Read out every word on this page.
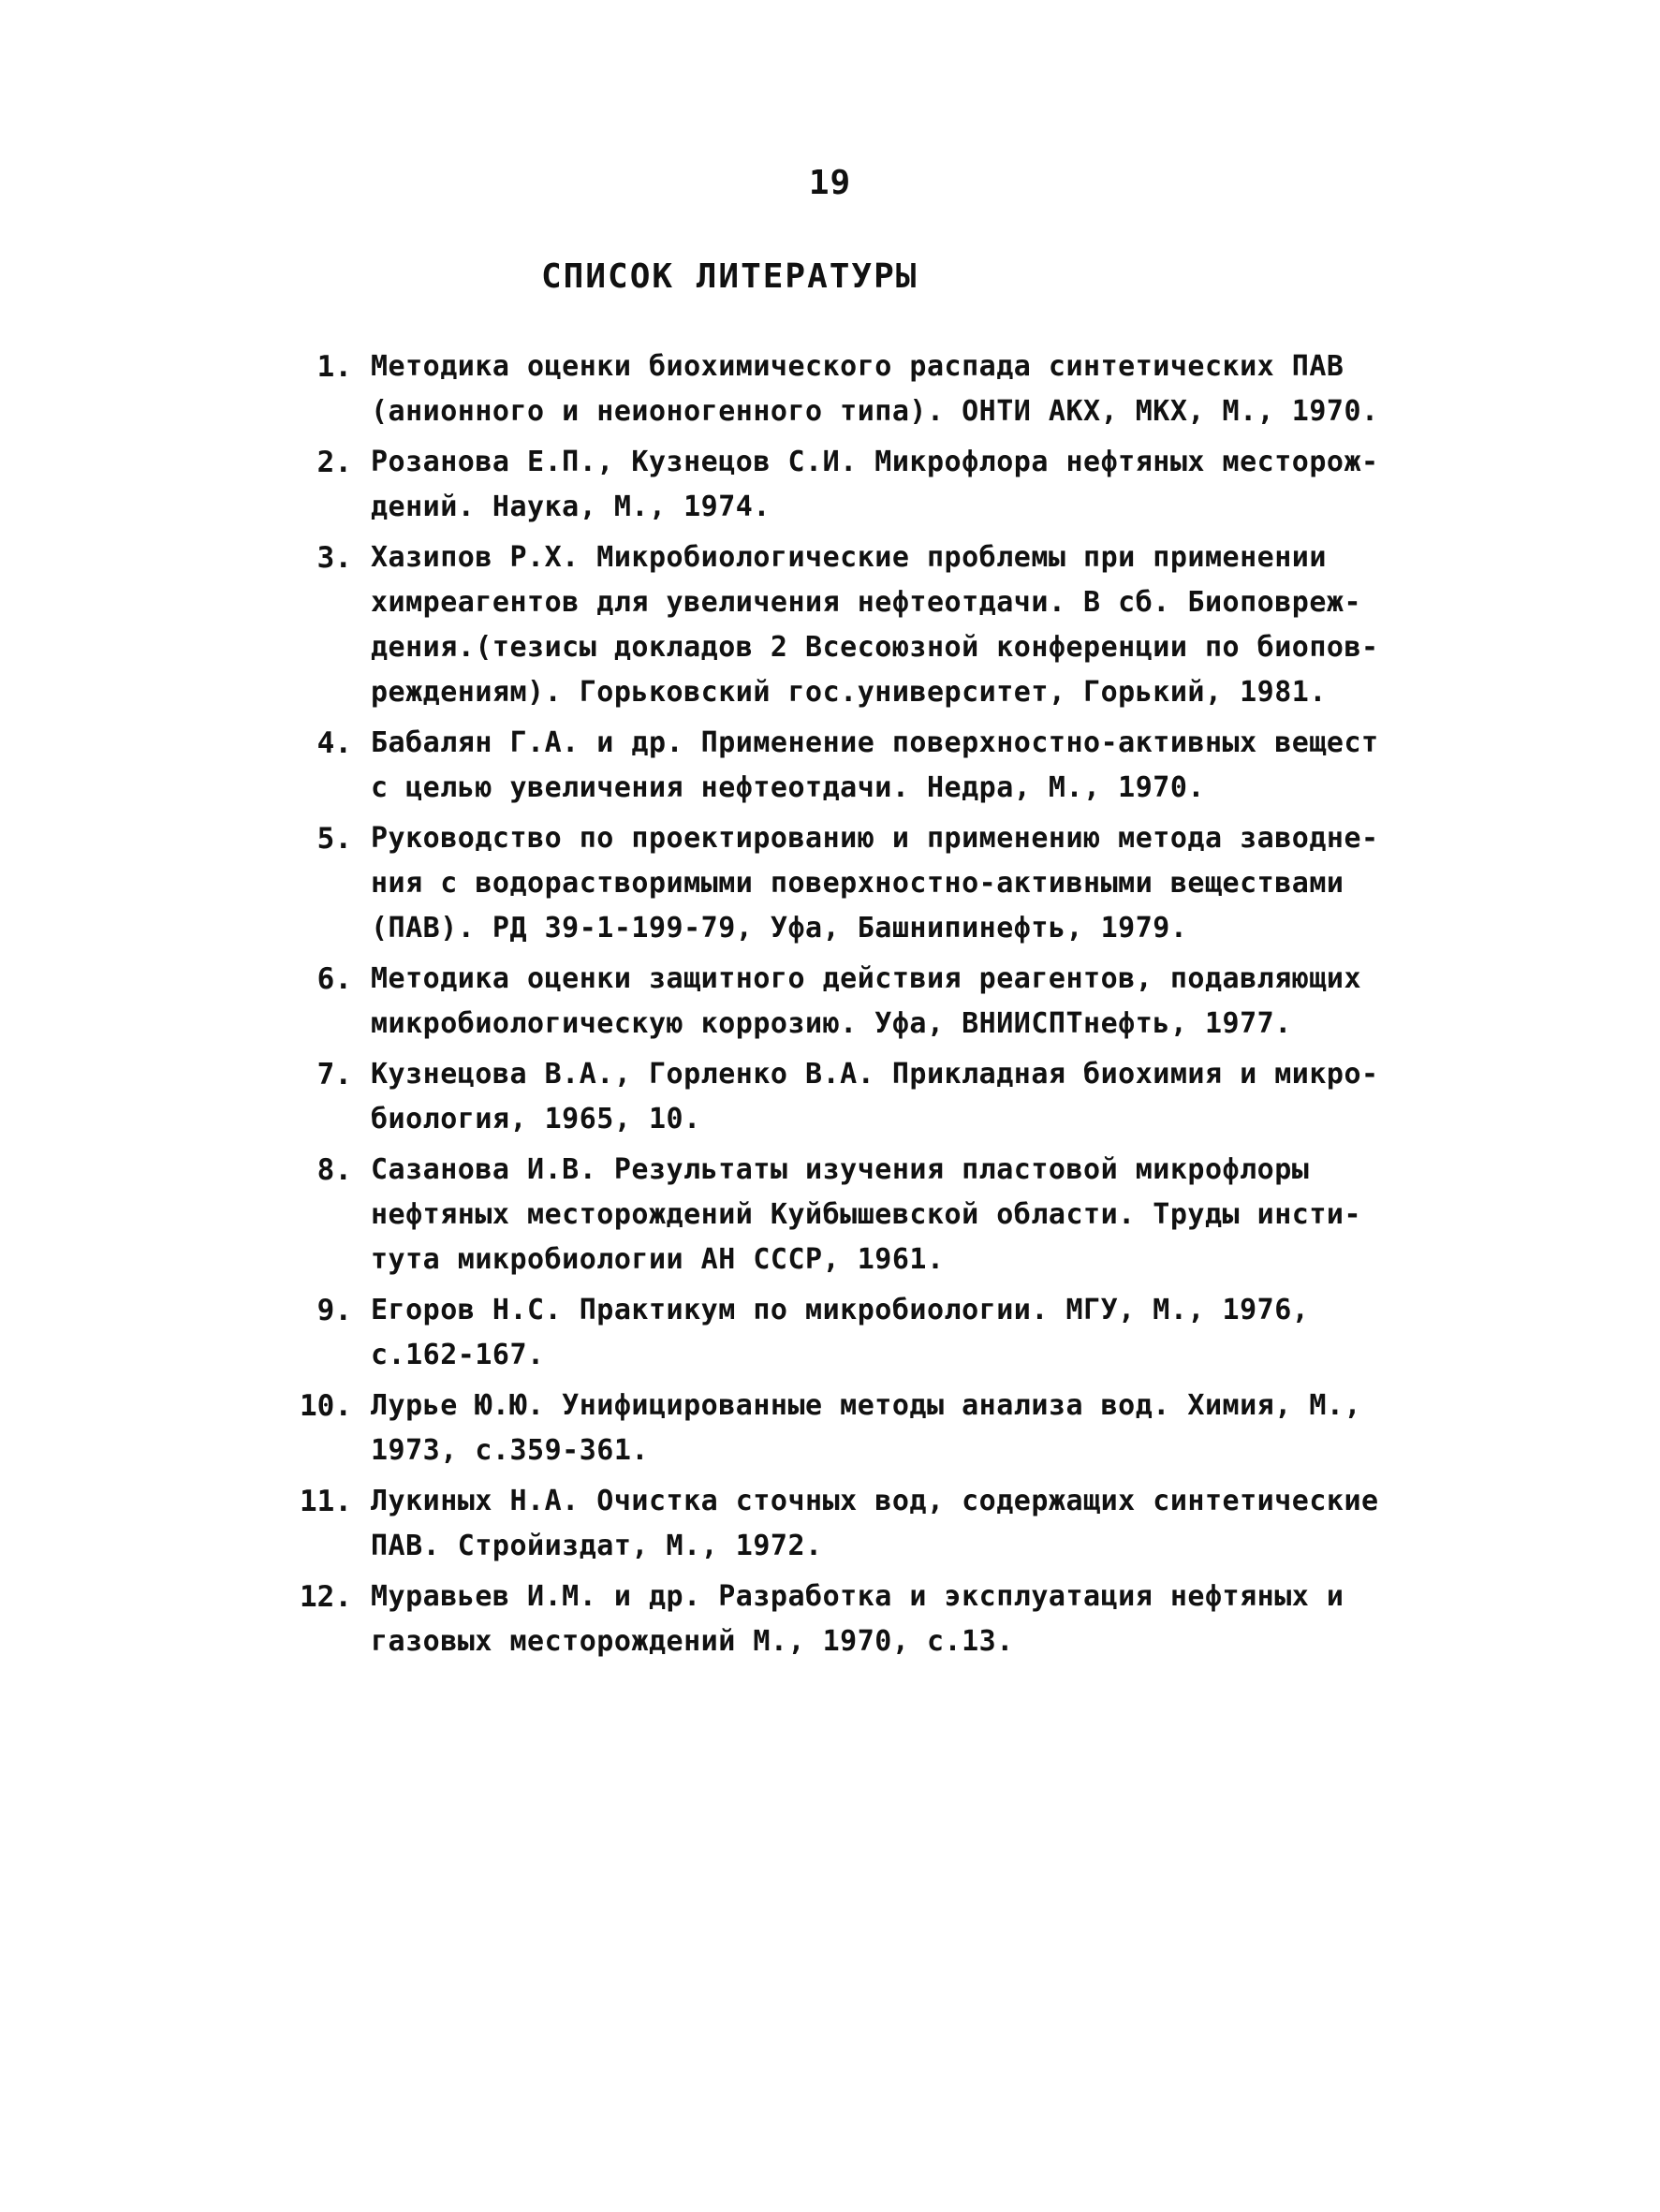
19
СПИСОК ЛИТЕРАТУРЫ
1. Методика оценки биохимического распада синтетических ПАВ
(анионного и неионогенного типа). ОНТИ АКХ, МКХ, М., 1970.
2. Розанова Е.П., Кузнецов С.И. Микрофлора нефтяных месторож-
дений. Наука, М., 1974.
3. Хазипов Р.Х. Микробиологические проблемы при применении
химреагентов для увеличения нефтеотдачи. В сб. Биоповреж-
дения.(тезисы докладов 2 Всесоюзной конференции по биопов-
реждениям). Горьковский гос.университет, Горький, 1981.
4. Бабалян Г.А. и др. Применение поверхностно-активных вещест
с целью увеличения нефтеотдачи. Недра, М., 1970.
5. Руководство по проектированию и применению метода заводне-
ния с водорастворимыми поверхностно-активными веществами
(ПАВ). РД 39-1-199-79, Уфа, Башнипинефть, 1979.
6. Методика оценки защитного действия реагентов, подавляющих
микробиологическую коррозию. Уфа, ВНИИСПТнефть, 1977.
7. Кузнецова В.А., Горленко В.А. Прикладная биохимия и микро-
биология, 1965, 10.
8. Сазанова И.В. Результаты изучения пластовой микрофлоры
нефтяных месторождений Куйбышевской области. Труды инсти-
тута микробиологии АН СССР, 1961.
9. Егоров Н.С. Практикум по микробиологии. МГУ, М., 1976,
с.162-167.
10. Лурье Ю.Ю. Унифицированные методы анализа вод. Химия, М.,
1973, с.359-361.
11. Лукиных Н.А. Очистка сточных вод, содержащих синтетические
ПАВ. Стройиздат, М., 1972.
12. Муравьев И.М. и др. Разработка и эксплуатация нефтяных и
газовых месторождений М., 1970, с.13.
